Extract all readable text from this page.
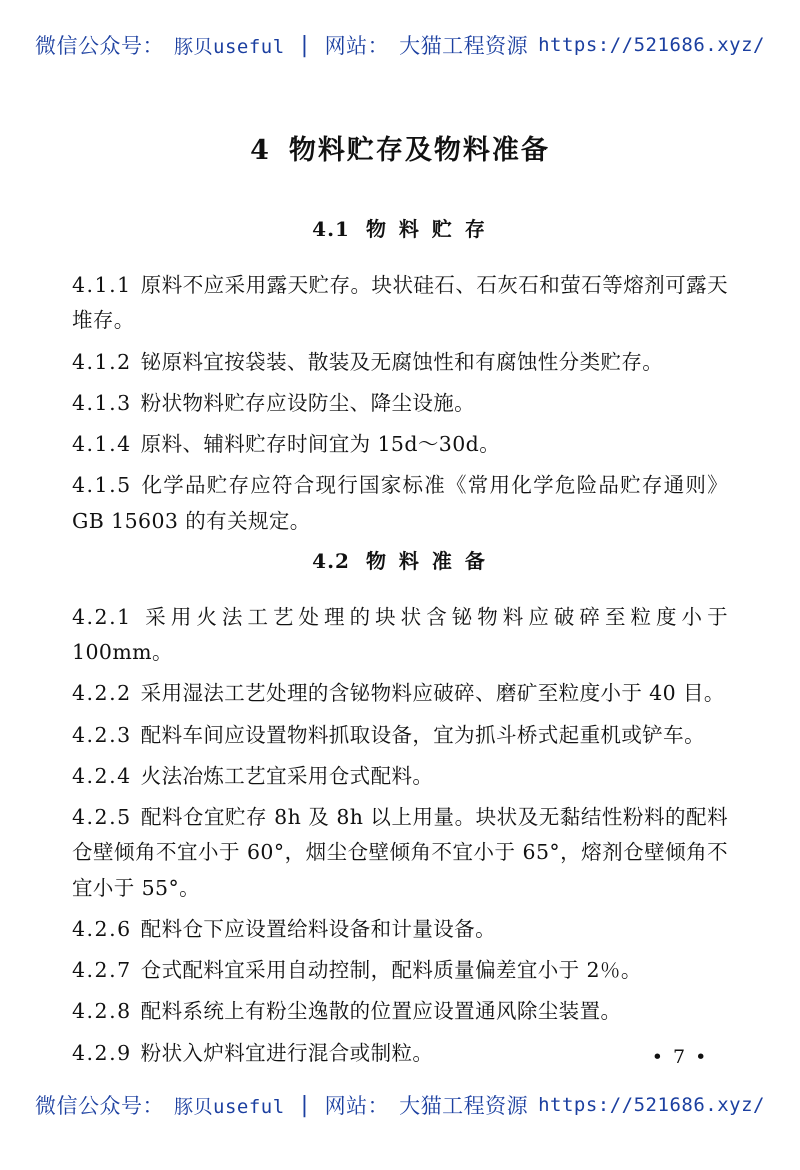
微信公众号： 豚贝useful | 网站： 大猫工程资源 https://521686.xyz/
4 物料贮存及物料准备
4.1 物 料 贮 存

4.1.1 原料不应采用露天贮存。块状硅石、石灰石和萤石等熔剂可露天堆存。

4.1.2 铋原料宜按袋装、散装及无腐蚀性和有腐蚀性分类贮存。

4.1.3 粉状物料贮存应设防尘、降尘设施。

4.1.4 原料、辅料贮存时间宜为 15d～30d。

4.1.5 化学品贮存应符合现行国家标准《常用化学危险品贮存通则》GB 15603 的有关规定。

4.2 物 料 准 备

4.2.1 采用火法工艺处理的块状含铋物料应破碎至粒度小于 100mm。

4.2.2 采用湿法工艺处理的含铋物料应破碎、磨矿至粒度小于 40 目。

4.2.3 配料车间应设置物料抓取设备，宜为抓斗桥式起重机或铲车。

4.2.4 火法冶炼工艺宜采用仓式配料。

4.2.5 配料仓宜贮存 8h 及 8h 以上用量。块状及无黏结性粉料的配料仓壁倾角不宜小于 60°，烟尘仓壁倾角不宜小于 65°，熔剂仓壁倾角不宜小于 55°。

4.2.6 配料仓下应设置给料设备和计量设备。

4.2.7 仓式配料宜采用自动控制，配料质量偏差宜小于 2％。

4.2.8 配料系统上有粉尘逸散的位置应设置通风除尘装置。

4.2.9 粉状入炉料宜进行混合或制粒。	• 7 •
微信公众号： 豚贝useful | 网站： 大猫工程资源 https://521686.xyz/
